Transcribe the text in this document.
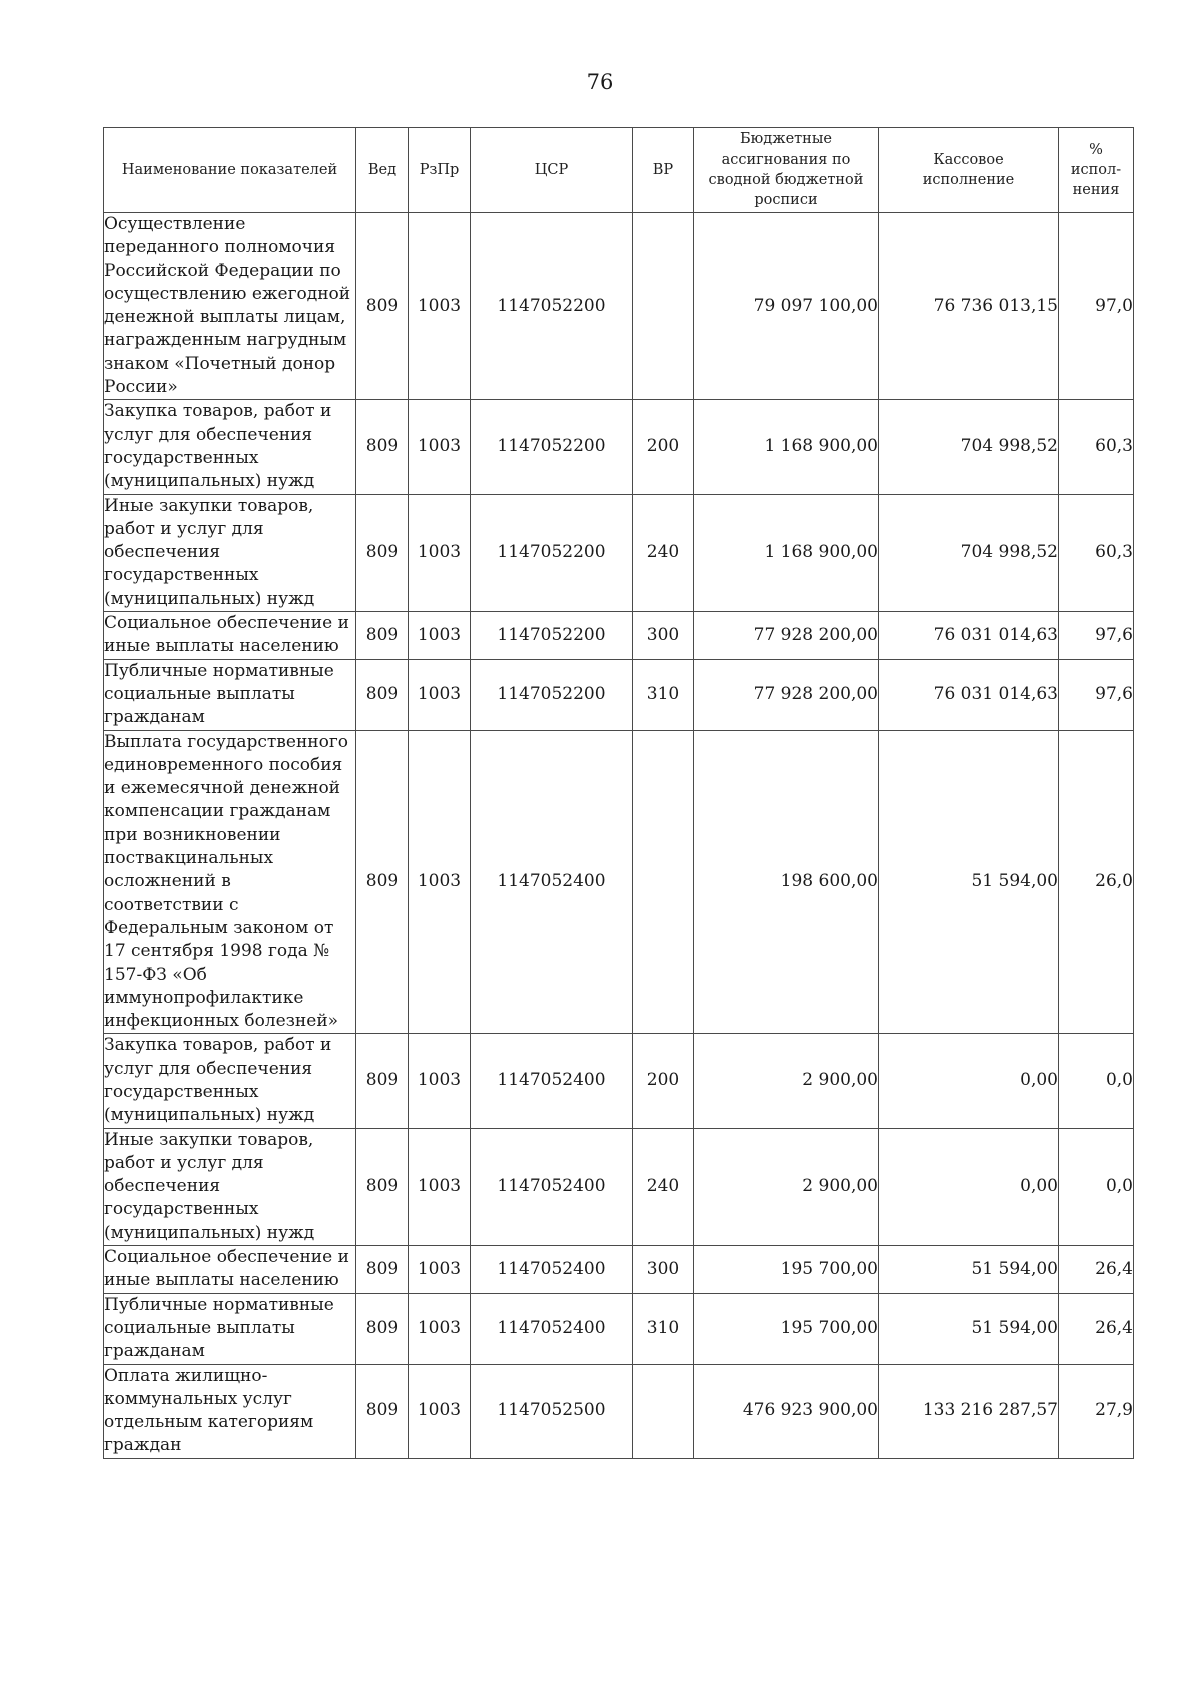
76
Наименование показателей	Вед	РзПр	ЦСР	ВР	Бюджетные ассигнования по сводной бюджетной росписи	Кассовое исполнение	% испол-нения
Осуществление переданного полномочия Российской Федерации по осуществлению ежегодной денежной выплаты лицам, награжденным нагрудным знаком «Почетный донор России»	809	1003	1147052200		79 097 100,00	76 736 013,15	97,0
Закупка товаров, работ и услуг для обеспечения государственных (муниципальных) нужд	809	1003	1147052200	200	1 168 900,00	704 998,52	60,3
Иные закупки товаров, работ и услуг для обеспечения государственных (муниципальных) нужд	809	1003	1147052200	240	1 168 900,00	704 998,52	60,3
Социальное обеспечение и иные выплаты населению	809	1003	1147052200	300	77 928 200,00	76 031 014,63	97,6
Публичные нормативные социальные выплаты гражданам	809	1003	1147052200	310	77 928 200,00	76 031 014,63	97,6
Выплата государственного единовременного пособия и ежемесячной денежной компенсации гражданам при возникновении поствакцинальных осложнений в соответствии с Федеральным законом от 17 сентября 1998 года № 157-ФЗ «Об иммунопрофилактике инфекционных болезней»	809	1003	1147052400		198 600,00	51 594,00	26,0
Закупка товаров, работ и услуг для обеспечения государственных (муниципальных) нужд	809	1003	1147052400	200	2 900,00	0,00	0,0
Иные закупки товаров, работ и услуг для обеспечения государственных (муниципальных) нужд	809	1003	1147052400	240	2 900,00	0,00	0,0
Социальное обеспечение и иные выплаты населению	809	1003	1147052400	300	195 700,00	51 594,00	26,4
Публичные нормативные социальные выплаты гражданам	809	1003	1147052400	310	195 700,00	51 594,00	26,4
Оплата жилищно-коммунальных услуг отдельным категориям граждан	809	1003	1147052500		476 923 900,00	133 216 287,57	27,9
